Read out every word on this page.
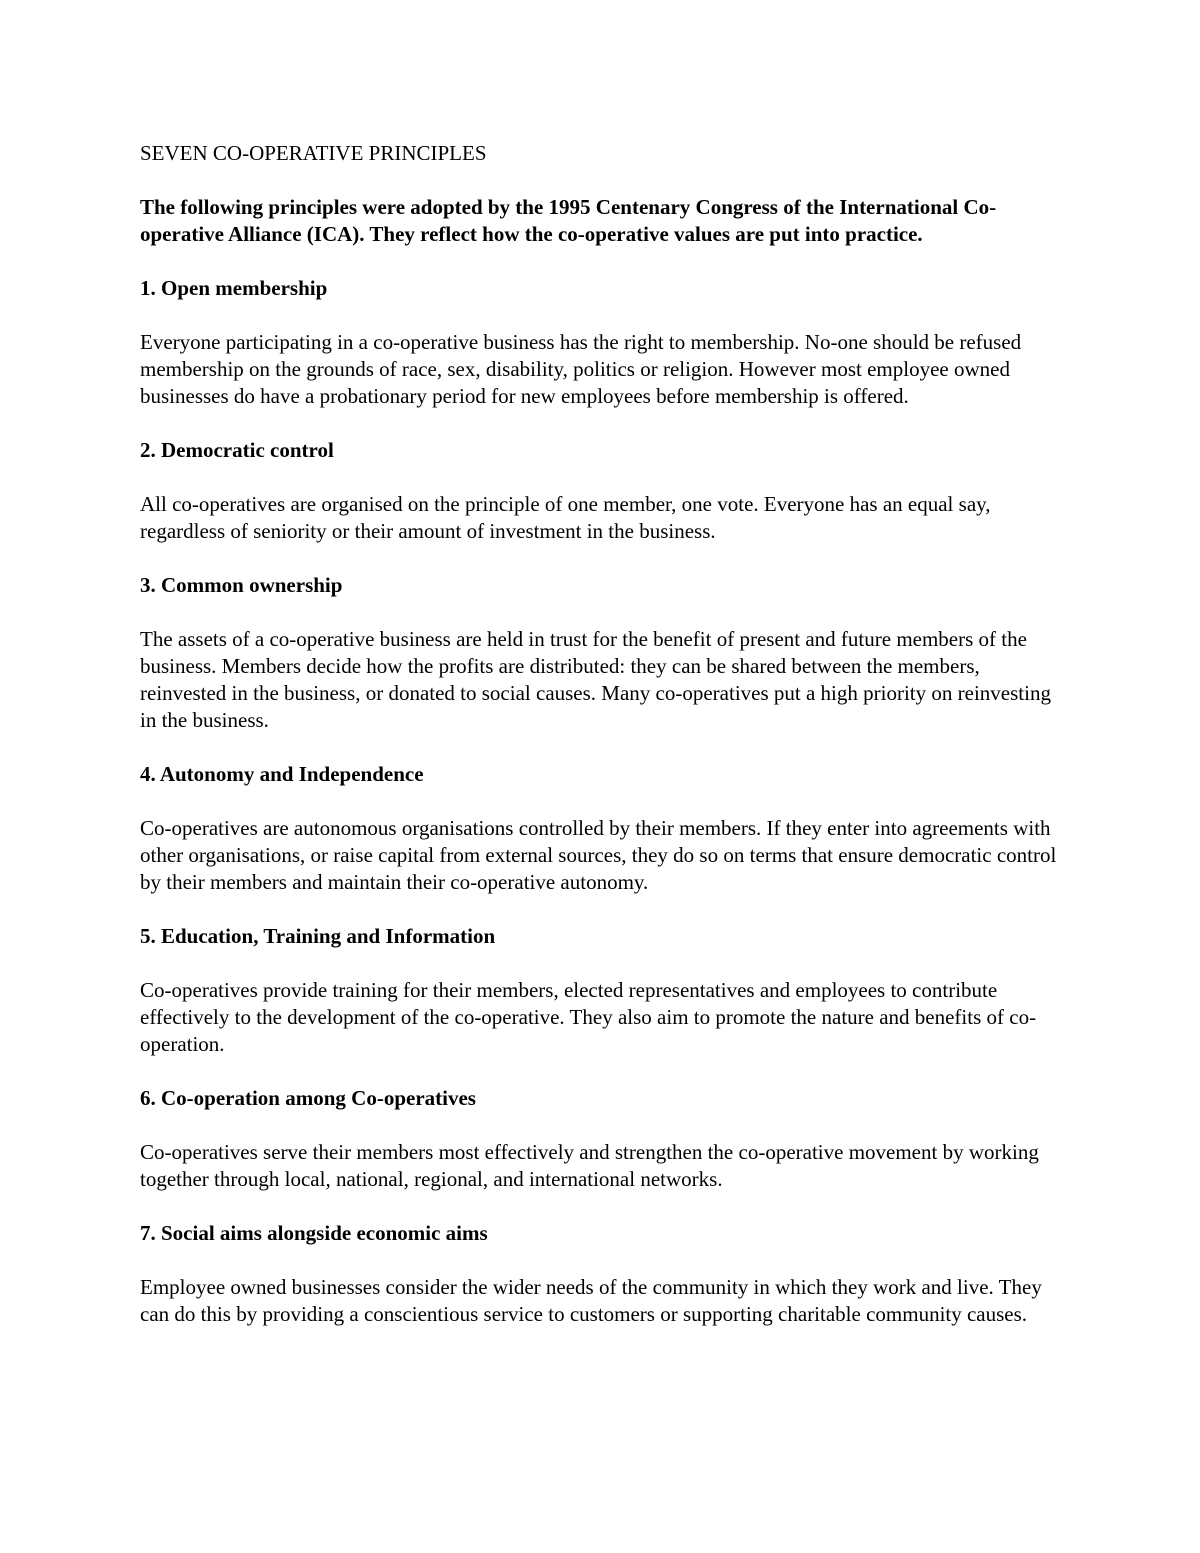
SEVEN CO-OPERATIVE PRINCIPLES

The following principles were adopted by the 1995 Centenary Congress of the International Co-operative Alliance (ICA). They reflect how the co-operative values are put into practice.

1. Open membership

Everyone participating in a co-operative business has the right to membership. No-one should be refused membership on the grounds of race, sex, disability, politics or religion. However most employee owned businesses do have a probationary period for new employees before membership is offered.

2. Democratic control

All co-operatives are organised on the principle of one member, one vote. Everyone has an equal say, regardless of seniority or their amount of investment in the business.

3. Common ownership

The assets of a co-operative business are held in trust for the benefit of present and future members of the business. Members decide how the profits are distributed: they can be shared between the members, reinvested in the business, or donated to social causes. Many co-operatives put a high priority on reinvesting in the business.

4. Autonomy and Independence

Co-operatives are autonomous organisations controlled by their members. If they enter into agreements with other organisations, or raise capital from external sources, they do so on terms that ensure democratic control by their members and maintain their co-operative autonomy.

5. Education, Training and Information

Co-operatives provide training for their members, elected representatives and employees to contribute effectively to the development of the co-operative. They also aim to promote the nature and benefits of co-operation.

6. Co-operation among Co-operatives

Co-operatives serve their members most effectively and strengthen the co-operative movement by working together through local, national, regional, and international networks.

7. Social aims alongside economic aims

Employee owned businesses consider the wider needs of the community in which they work and live. They can do this by providing a conscientious service to customers or supporting charitable community causes.
